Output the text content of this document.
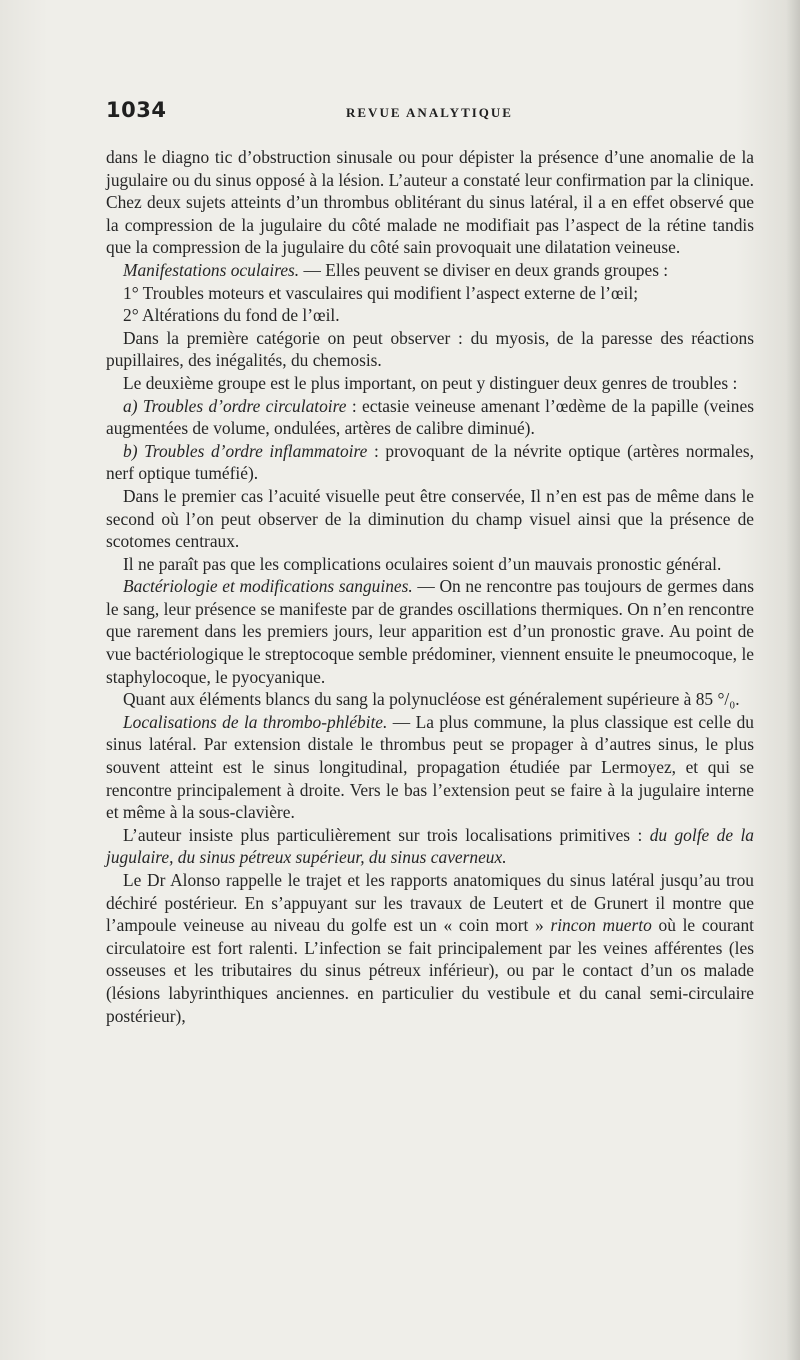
1034	REVUE ANALYTIQUE

dans le diagno tic d’obstruction sinusale ou pour dépister la présence d’une anomalie de la jugulaire ou du sinus opposé à la lésion. L’auteur a constaté leur confirmation par la clinique. Chez deux sujets atteints d’un thrombus oblitérant du sinus latéral, il a en effet observé que la compression de la jugulaire du côté malade ne modifiait pas l’aspect de la rétine tandis que la compression de la jugulaire du côté sain provoquait une dilatation veineuse.

Manifestations oculaires. — Elles peuvent se diviser en deux grands groupes :

1° Troubles moteurs et vasculaires qui modifient l’aspect externe de l’œil;

2° Altérations du fond de l’œil.

Dans la première catégorie on peut observer : du myosis, de la paresse des réactions pupillaires, des inégalités, du chemosis.

Le deuxième groupe est le plus important, on peut y distinguer deux genres de troubles :

a) Troubles d’ordre circulatoire : ectasie veineuse amenant l’œdème de la papille (veines augmentées de volume, ondulées, artères de calibre diminué).

b) Troubles d’ordre inflammatoire : provoquant de la névrite optique (artères normales, nerf optique tuméfié).

Dans le premier cas l’acuité visuelle peut être conservée, Il n’en est pas de même dans le second où l’on peut observer de la diminution du champ visuel ainsi que la présence de scotomes centraux.

Il ne paraît pas que les complications oculaires soient d’un mauvais pronostic général.

Bactériologie et modifications sanguines. — On ne rencontre pas toujours de germes dans le sang, leur présence se manifeste par de grandes oscillations thermiques. On n’en rencontre que rarement dans les premiers jours, leur apparition est d’un pronostic grave. Au point de vue bactériologique le streptocoque semble prédominer, viennent ensuite le pneumocoque, le staphylocoque, le pyocyanique.

Quant aux éléments blancs du sang la polynucléose est généralement supérieure à 85 °/₀.

Localisations de la thrombo-phlébite. — La plus commune, la plus classique est celle du sinus latéral. Par extension distale le thrombus peut se propager à d’autres sinus, le plus souvent atteint est le sinus longitudinal, propagation étudiée par Lermoyez, et qui se rencontre principalement à droite. Vers le bas l’extension peut se faire à la jugulaire interne et même à la sous-clavière.

L’auteur insiste plus particulièrement sur trois localisations primitives : du golfe de la jugulaire, du sinus pétreux supérieur, du sinus caverneux.

Le Dr Alonso rappelle le trajet et les rapports anatomiques du sinus latéral jusqu’au trou déchiré postérieur. En s’appuyant sur les travaux de Leutert et de Grunert il montre que l’ampoule veineuse au niveau du golfe est un « coin mort » rincon muerto où le courant circulatoire est fort ralenti. L’infection se fait principalement par les veines afférentes (les osseuses et les tributaires du sinus pétreux inférieur), ou par le contact d’un os malade (lésions labyrinthiques anciennes. en particulier du vestibule et du canal semi-circulaire postérieur),
